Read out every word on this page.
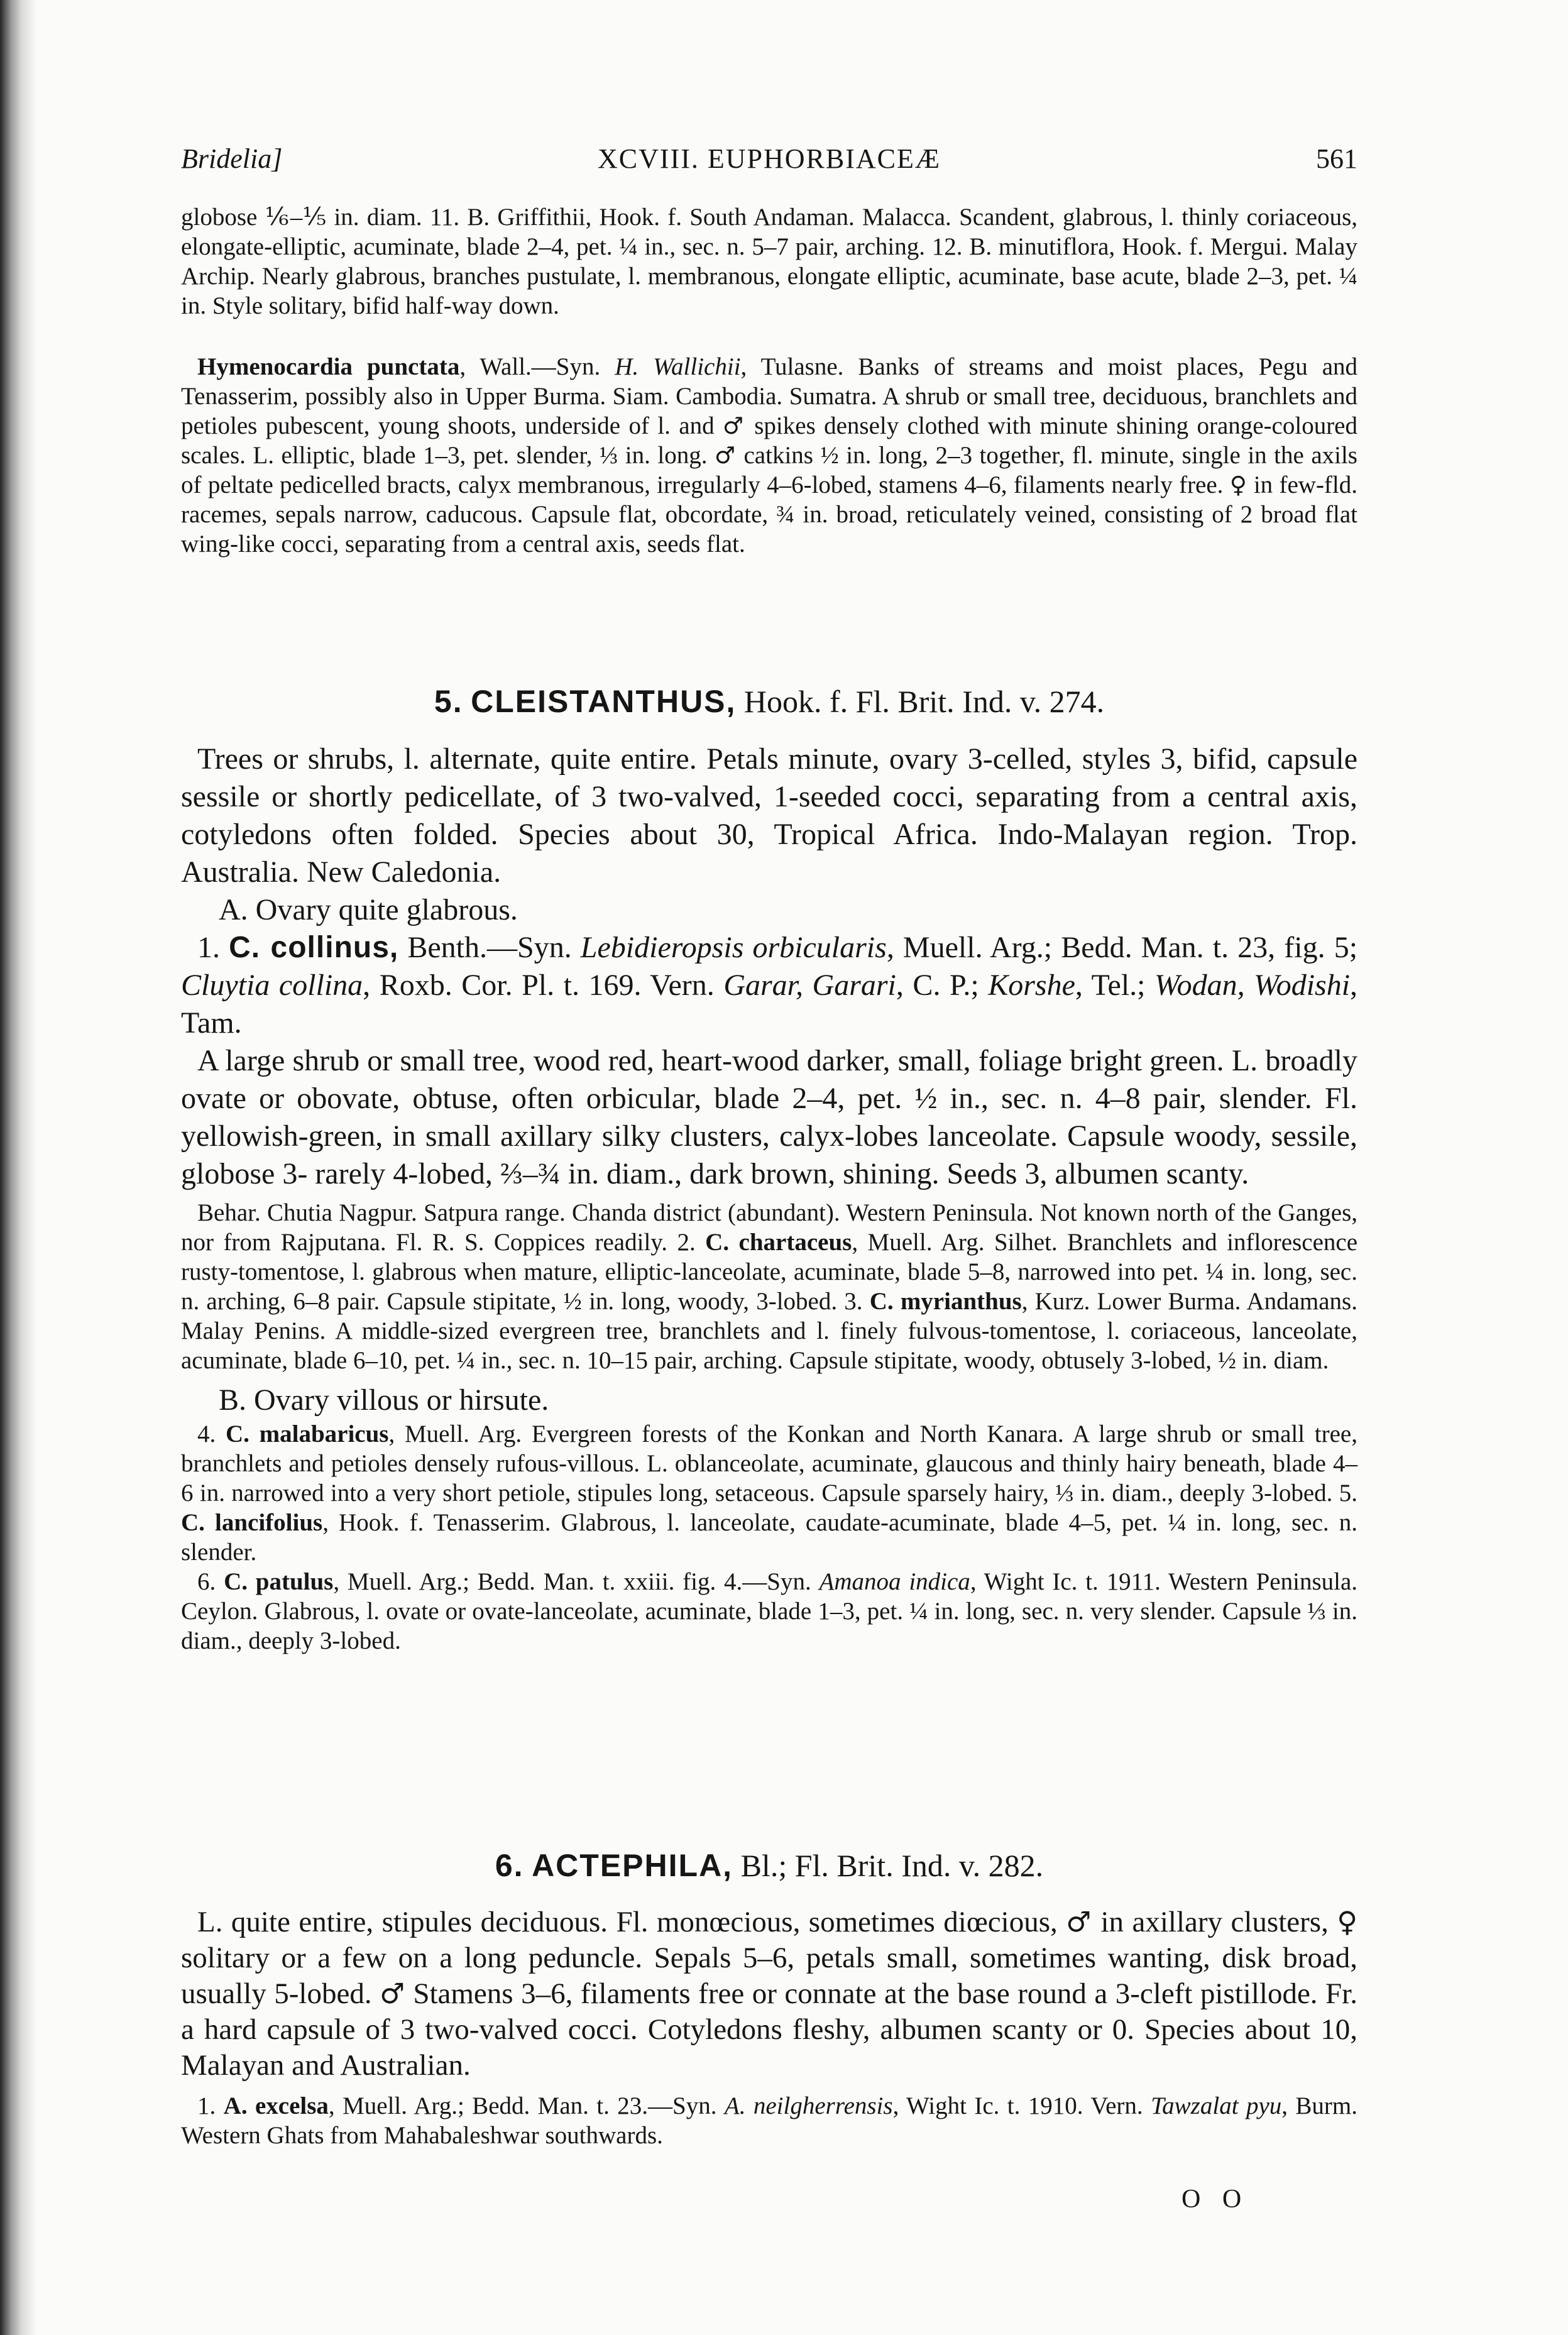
Bridelia]	XCVIII. EUPHORBIACEÆ	561

globose ⅙–⅕ in. diam. 11. B. Griffithii, Hook. f. South Andaman. Malacca. Scandent, glabrous, l. thinly coriaceous, elongate-elliptic, acuminate, blade 2–4, pet. ¼ in., sec. n. 5–7 pair, arching. 12. B. minutiflora, Hook. f. Mergui. Malay Archip. Nearly glabrous, branches pustulate, l. membranous, elongate elliptic, acuminate, base acute, blade 2–3, pet. ¼ in. Style solitary, bifid half-way down.

Hymenocardia punctata, Wall.—Syn. H. Wallichii, Tulasne. Banks of streams and moist places, Pegu and Tenasserim, possibly also in Upper Burma. Siam. Cambodia. Sumatra. A shrub or small tree, deciduous, branchlets and petioles pubescent, young shoots, underside of l. and ♂ spikes densely clothed with minute shining orange-coloured scales. L. elliptic, blade 1–3, pet. slender, ⅓ in. long. ♂ catkins ½ in. long, 2–3 together, fl. minute, single in the axils of peltate pedicelled bracts, calyx membranous, irregularly 4–6-lobed, stamens 4–6, filaments nearly free. ♀ in few-fld. racemes, sepals narrow, caducous. Capsule flat, obcordate, ¾ in. broad, reticulately veined, consisting of 2 broad flat wing-like cocci, separating from a central axis, seeds flat.

5. CLEISTANTHUS, Hook. f. Fl. Brit. Ind. v. 274.

Trees or shrubs, l. alternate, quite entire. Petals minute, ovary 3-celled, styles 3, bifid, capsule sessile or shortly pedicellate, of 3 two-valved, 1-seeded cocci, separating from a central axis, cotyledons often folded. Species about 30, Tropical Africa. Indo-Malayan region. Trop. Australia. New Caledonia.

A. Ovary quite glabrous.

1. C. collinus, Benth.—Syn. Lebidieropsis orbicularis, Muell. Arg.; Bedd. Man. t. 23, fig. 5; Cluytia collina, Roxb. Cor. Pl. t. 169. Vern. Garar, Garari, C. P.; Korshe, Tel.; Wodan, Wodishi, Tam.

A large shrub or small tree, wood red, heart-wood darker, small, foliage bright green. L. broadly ovate or obovate, obtuse, often orbicular, blade 2–4, pet. ½ in., sec. n. 4–8 pair, slender. Fl. yellowish-green, in small axillary silky clusters, calyx-lobes lanceolate. Capsule woody, sessile, globose 3- rarely 4-lobed, ⅔–¾ in. diam., dark brown, shining. Seeds 3, albumen scanty.

Behar. Chutia Nagpur. Satpura range. Chanda district (abundant). Western Peninsula. Not known north of the Ganges, nor from Rajputana. Fl. R. S. Coppices readily. 2. C. chartaceus, Muell. Arg. Silhet. Branchlets and inflorescence rusty-tomentose, l. glabrous when mature, elliptic-lanceolate, acuminate, blade 5–8, narrowed into pet. ¼ in. long, sec. n. arching, 6–8 pair. Capsule stipitate, ½ in. long, woody, 3-lobed. 3. C. myrianthus, Kurz. Lower Burma. Andamans. Malay Penins. A middle-sized evergreen tree, branchlets and l. finely fulvous-tomentose, l. coriaceous, lanceolate, acuminate, blade 6–10, pet. ¼ in., sec. n. 10–15 pair, arching. Capsule stipitate, woody, obtusely 3-lobed, ½ in. diam.

B. Ovary villous or hirsute.

4. C. malabaricus, Muell. Arg. Evergreen forests of the Konkan and North Kanara. A large shrub or small tree, branchlets and petioles densely rufous-villous. L. oblanceolate, acuminate, glaucous and thinly hairy beneath, blade 4–6 in. narrowed into a very short petiole, stipules long, setaceous. Capsule sparsely hairy, ⅓ in. diam., deeply 3-lobed. 5. C. lancifolius, Hook. f. Tenasserim. Glabrous, l. lanceolate, caudate-acuminate, blade 4–5, pet. ¼ in. long, sec. n. slender.

6. C. patulus, Muell. Arg.; Bedd. Man. t. xxiii. fig. 4.—Syn. Amanoa indica, Wight Ic. t. 1911. Western Peninsula. Ceylon. Glabrous, l. ovate or ovate-lanceolate, acuminate, blade 1–3, pet. ¼ in. long, sec. n. very slender. Capsule ⅓ in. diam., deeply 3-lobed.

6. ACTEPHILA, Bl.; Fl. Brit. Ind. v. 282.

L. quite entire, stipules deciduous. Fl. monœcious, sometimes diœcious, ♂ in axillary clusters, ♀ solitary or a few on a long peduncle. Sepals 5–6, petals small, sometimes wanting, disk broad, usually 5-lobed. ♂ Stamens 3–6, filaments free or connate at the base round a 3-cleft pistillode. Fr. a hard capsule of 3 two-valved cocci. Cotyledons fleshy, albumen scanty or 0. Species about 10, Malayan and Australian.

1. A. excelsa, Muell. Arg.; Bedd. Man. t. 23.—Syn. A. neilgherrensis, Wight Ic. t. 1910. Vern. Tawzalat pyu, Burm. Western Ghats from Mahabaleshwar southwards.

O O
